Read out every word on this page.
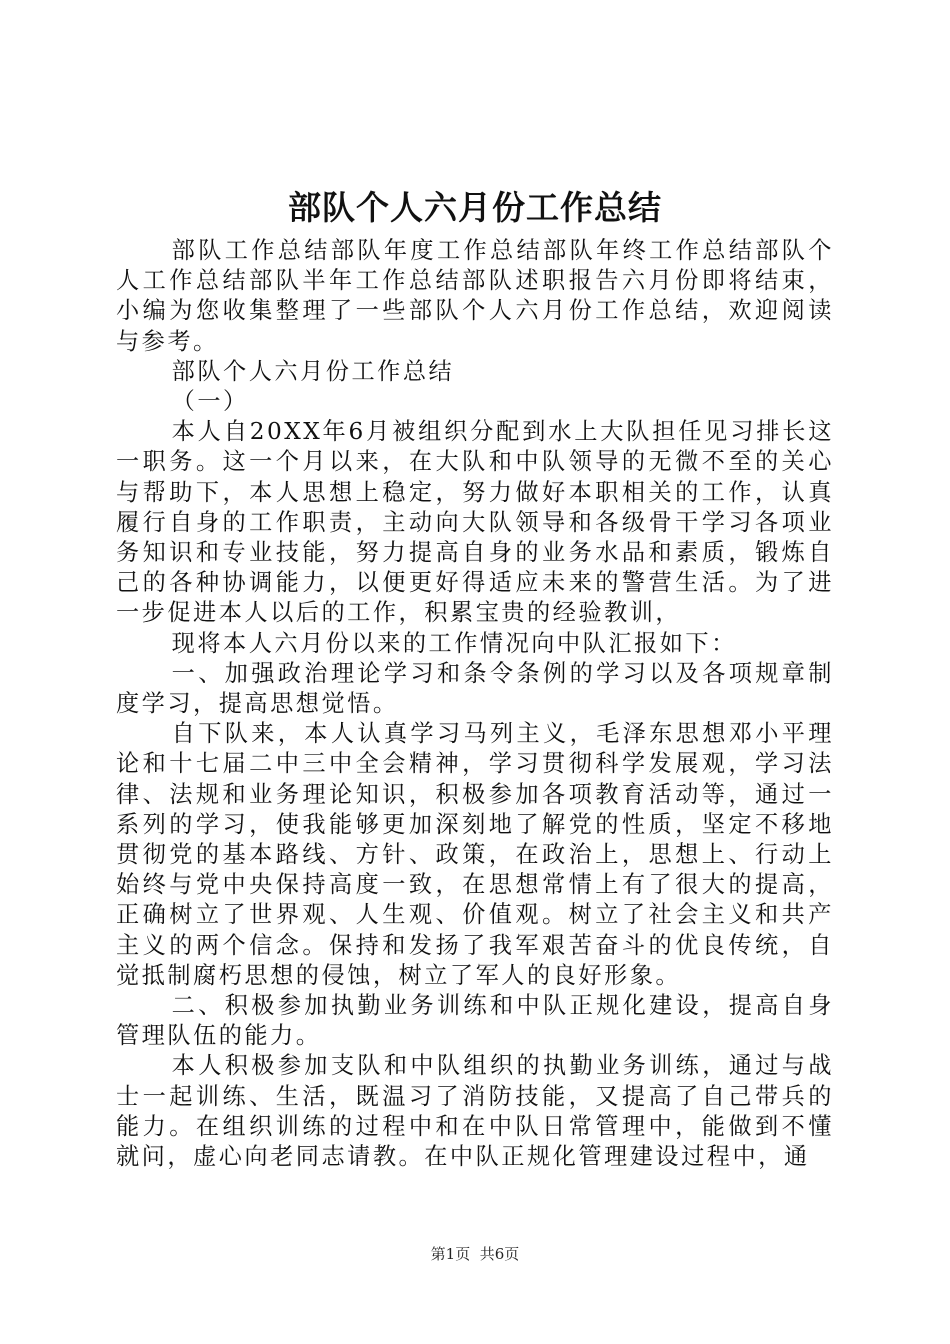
部队个人六月份工作总结

部队工作总结部队年度工作总结部队年终工作总结部队个人工作总结部队半年工作总结部队述职报告六月份即将结束，小编为您收集整理了一些部队个人六月份工作总结，欢迎阅读与参考。

部队个人六月份工作总结

（一）

本人自20XX年6月被组织分配到水上大队担任见习排长这一职务。这一个月以来，在大队和中队领导的无微不至的关心与帮助下，本人思想上稳定，努力做好本职相关的工作，认真履行自身的工作职责，主动向大队领导和各级骨干学习各项业务知识和专业技能，努力提高自身的业务水品和素质，锻炼自己的各种协调能力，以便更好得适应未来的警营生活。为了进一步促进本人以后的工作，积累宝贵的经验教训，

现将本人六月份以来的工作情况向中队汇报如下：

一、加强政治理论学习和条令条例的学习以及各项规章制度学习，提高思想觉悟。

自下队来，本人认真学习马列主义，毛泽东思想邓小平理论和十七届二中三中全会精神，学习贯彻科学发展观，学习法律、法规和业务理论知识，积极参加各项教育活动等，通过一系列的学习，使我能够更加深刻地了解党的性质，坚定不移地贯彻党的基本路线、方针、政策，在政治上，思想上、行动上始终与党中央保持高度一致，在思想常情上有了很大的提高，正确树立了世界观、人生观、价值观。树立了社会主义和共产主义的两个信念。保持和发扬了我军艰苦奋斗的优良传统，自觉抵制腐朽思想的侵蚀，树立了军人的良好形象。

二、积极参加执勤业务训练和中队正规化建设，提高自身管理队伍的能力。

本人积极参加支队和中队组织的执勤业务训练，通过与战士一起训练、生活，既温习了消防技能，又提高了自己带兵的能力。在组织训练的过程中和在中队日常管理中，能做到不懂就问，虚心向老同志请教。在中队正规化管理建设过程中，通

第1页 共6页
